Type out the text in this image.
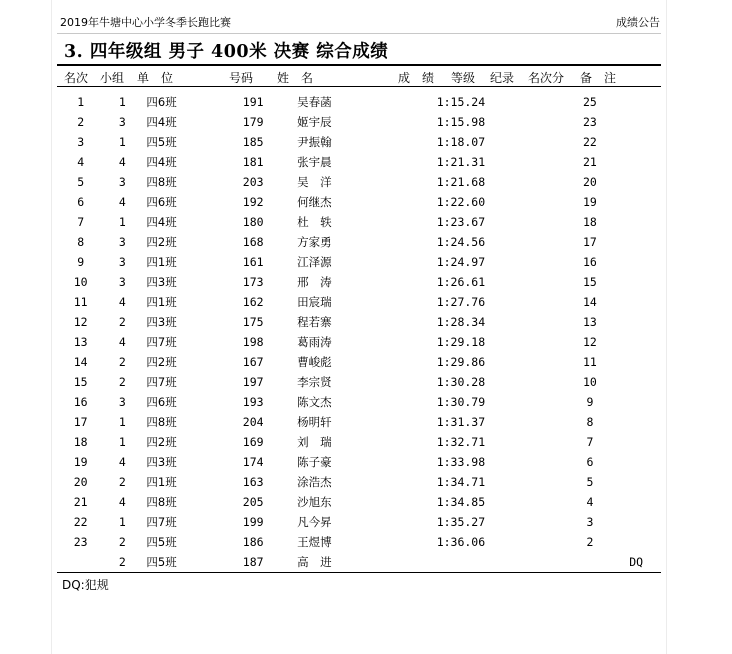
2019年牛塘中心小学冬季长跑比赛	成绩公告
3. 四年级组 男子 400米 决赛 综合成绩
名次 小组 单　位	号码 姓　名	成　绩 等级 纪录 名次分 备　注
1	1	四6班	191	吴春菡	1:15.24			25	
2	3	四4班	179	姬宇辰	1:15.98			23	
3	1	四5班	185	尹振翰	1:18.07			22	
4	4	四4班	181	张宇晨	1:21.31			21	
5	3	四8班	203	吴　洋	1:21.68			20	
6	4	四6班	192	何继杰	1:22.60			19	
7	1	四4班	180	杜　轶	1:23.67			18	
8	3	四2班	168	方家勇	1:24.56			17	
9	3	四1班	161	江泽源	1:24.97			16	
10	3	四3班	173	邢　涛	1:26.61			15	
11	4	四1班	162	田宸瑞	1:27.76			14	
12	2	四3班	175	程若寨	1:28.34			13	
13	4	四7班	198	葛雨涛	1:29.18			12	
14	2	四2班	167	曹峻彪	1:29.86			11	
15	2	四7班	197	李宗贤	1:30.28			10	
16	3	四6班	193	陈文杰	1:30.79			9	
17	1	四8班	204	杨明轩	1:31.37			8	
18	1	四2班	169	刘　瑞	1:32.71			7	
19	4	四3班	174	陈子豪	1:33.98			6	
20	2	四1班	163	涂浩杰	1:34.71			5	
21	4	四8班	205	沙旭东	1:34.85			4	
22	1	四7班	199	凡今昇	1:35.27			3	
23	2	四5班	186	王煜博	1:36.06			2	
	2	四5班	187	高　进					DQ
DQ:犯规
